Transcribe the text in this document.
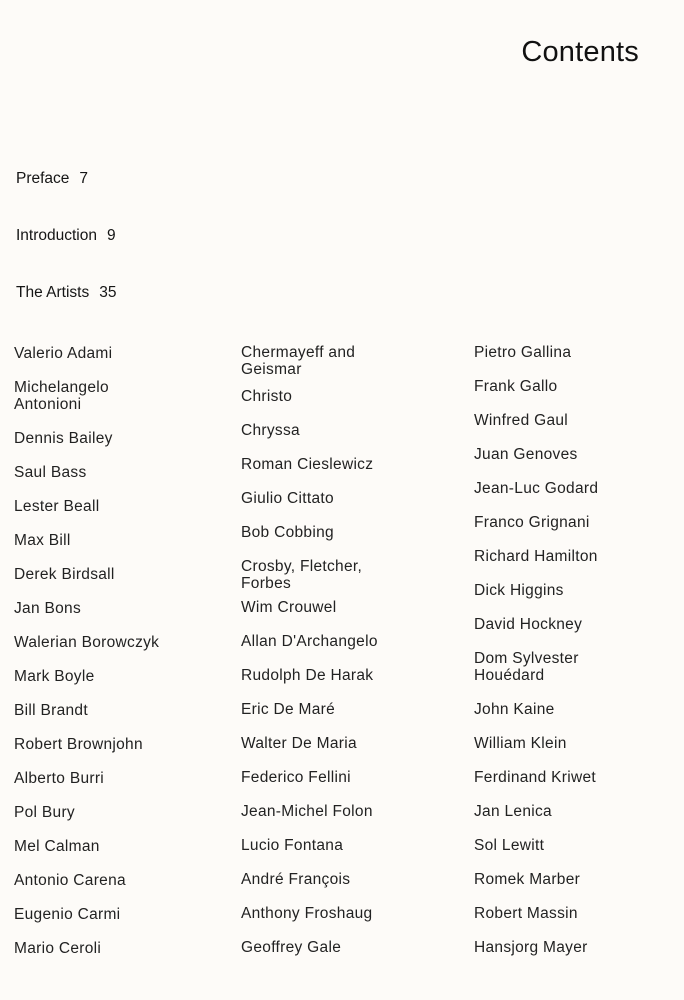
Contents
Preface 7
Introduction 9
The Artists 35
Valerio Adami
Michelangelo Antonioni
Dennis Bailey
Saul Bass
Lester Beall
Max Bill
Derek Birdsall
Jan Bons
Walerian Borowczyk
Mark Boyle
Bill Brandt
Robert Brownjohn
Alberto Burri
Pol Bury
Mel Calman
Antonio Carena
Eugenio Carmi
Mario Ceroli
Chermayeff and Geismar
Christo
Chryssa
Roman Cieslewicz
Giulio Cittato
Bob Cobbing
Crosby, Fletcher, Forbes
Wim Crouwel
Allan D'Archangelo
Rudolph De Harak
Eric De Maré
Walter De Maria
Federico Fellini
Jean-Michel Folon
Lucio Fontana
André François
Anthony Froshaug
Geoffrey Gale
Pietro Gallina
Frank Gallo
Winfred Gaul
Juan Genoves
Jean-Luc Godard
Franco Grignani
Richard Hamilton
Dick Higgins
David Hockney
Dom Sylvester Houédard
John Kaine
William Klein
Ferdinand Kriwet
Jan Lenica
Sol Lewitt
Romek Marber
Robert Massin
Hansjorg Mayer
